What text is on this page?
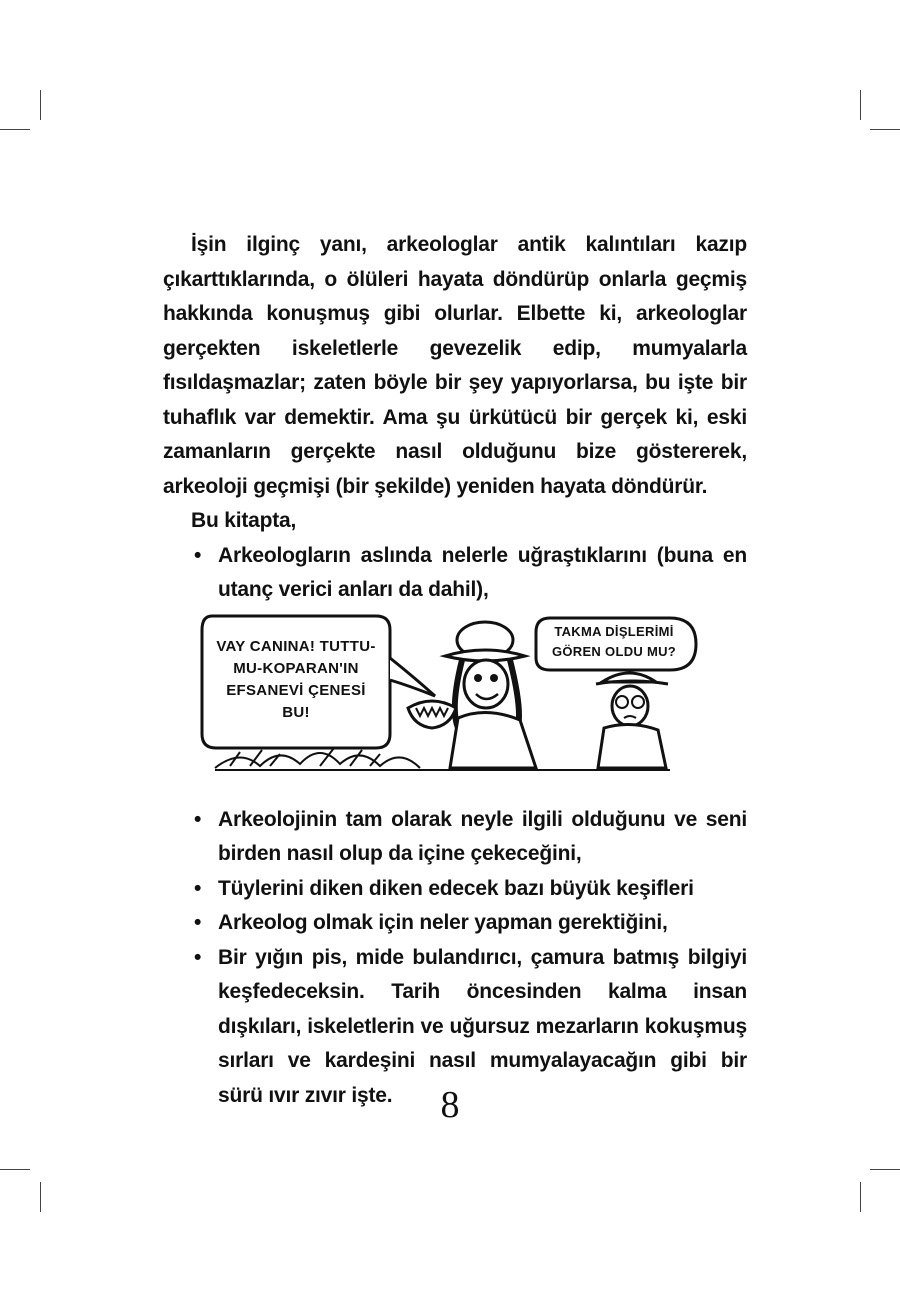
İşin ilginç yanı, arkeologlar antik kalıntıları kazıp çıkarttıklarında, o ölüleri hayata döndürüp onlarla geçmiş hakkında konuşmuş gibi olurlar. Elbette ki, arkeologlar gerçekten iskeletlerle gevezelik edip, mumyalarla fısıldaşmazlar; zaten böyle bir şey yapıyorlarsa, bu işte bir tuhaflık var demektir. Ama şu ürkütücü bir gerçek ki, eski zamanların gerçekte nasıl olduğunu bize göstererek, arkeoloji geçmişi (bir şekilde) yeniden hayata döndürür.

Bu kitapta,

• Arkeologların aslında nelerle uğraştıklarını (buna en utanç verici anları da dahil),
• Arkeolojinin tam olarak neyle ilgili olduğunu ve seni birden nasıl olup da içine çekeceğini,
• Tüylerini diken diken edecek bazı büyük keşifleri
• Arkeolog olmak için neler yapman gerektiğini,
• Bir yığın pis, mide bulandırıcı, çamura batmış bilgiyi keşfedeceksin. Tarih öncesinden kalma insan dışkıları, iskeletlerin ve uğursuz mezarların kokuşmuş sırları ve kardeşini nasıl mumyalayacağın gibi bir sürü ıvır zıvır işte.
VAY CANINA! TUTTU-
MU-KOPARAN'IN
EFSANEVİ ÇENESİ
BU!
TAKMA DİŞLERİMİ
GÖREN OLDU MU?
8
